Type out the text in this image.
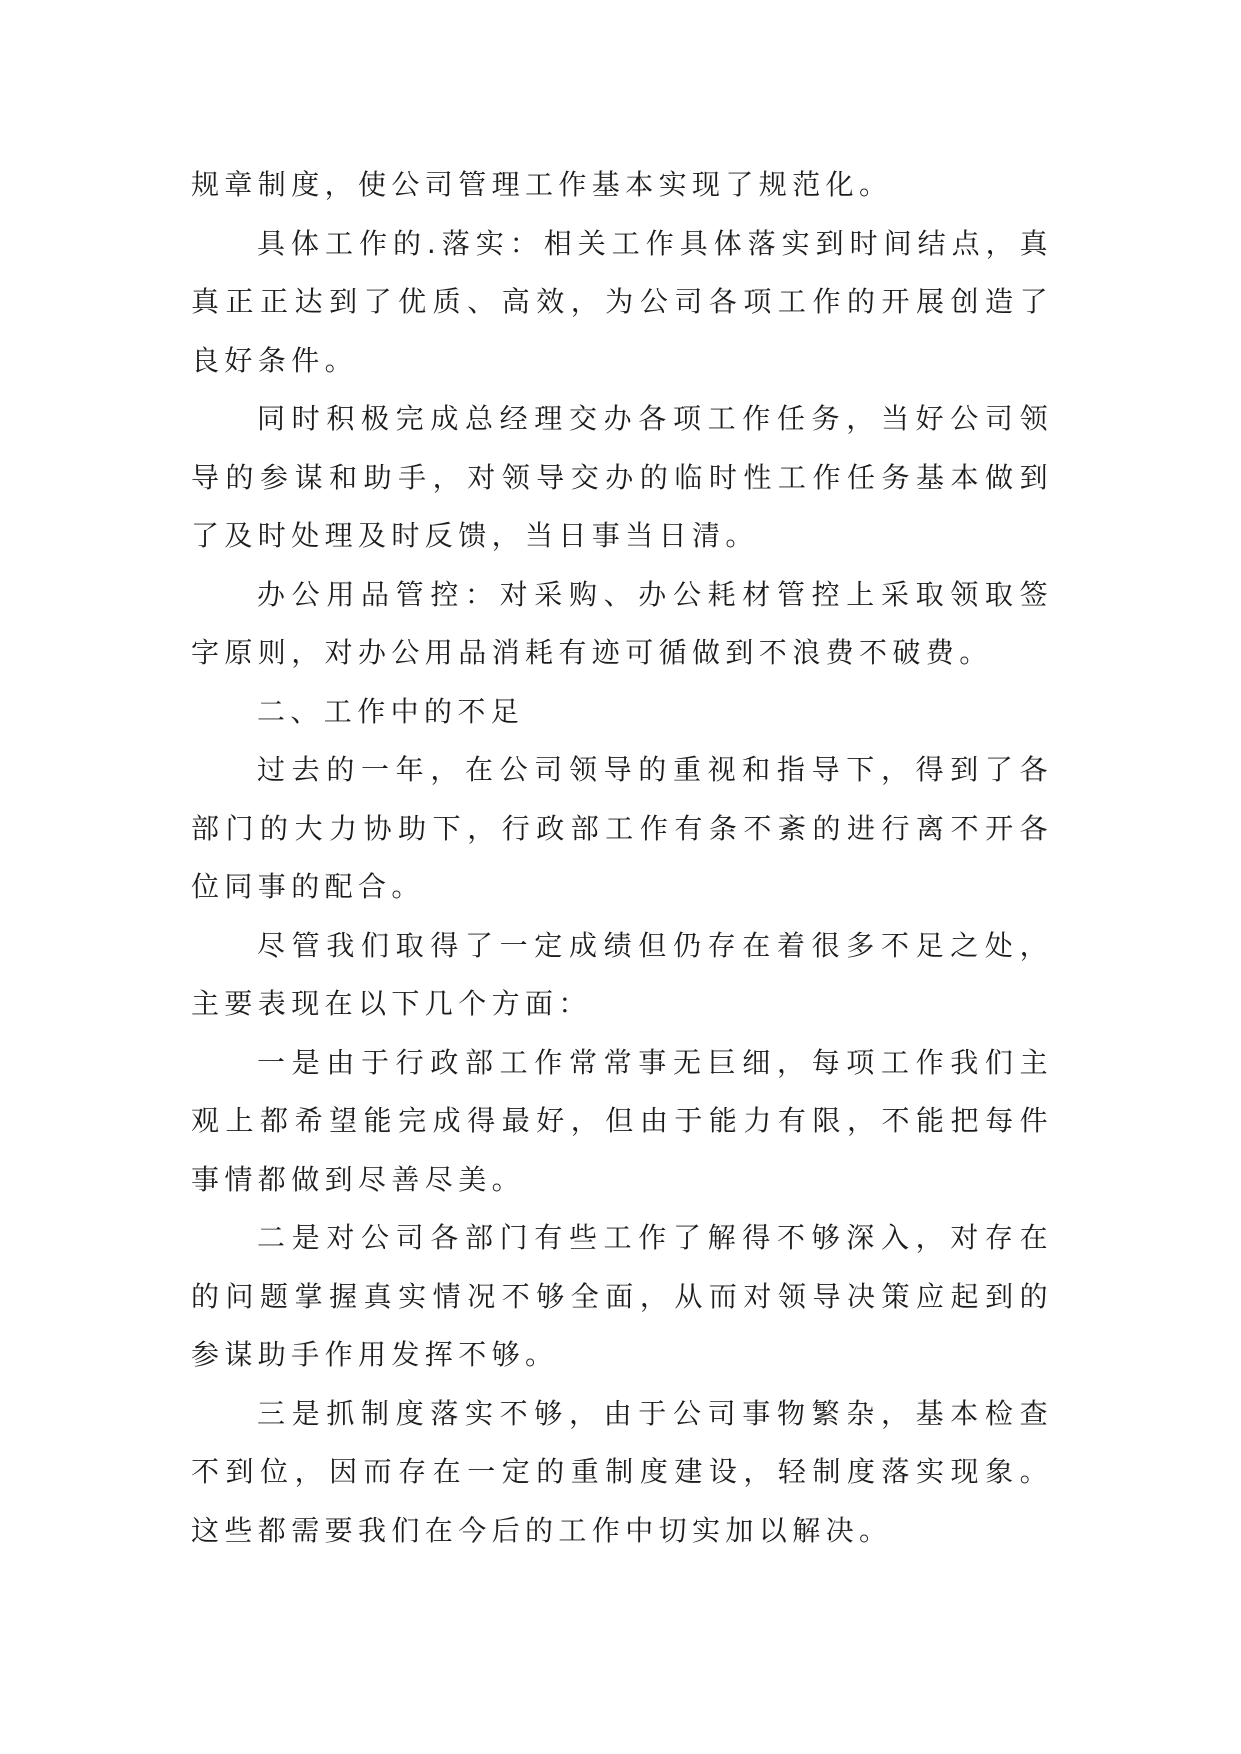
规章制度，使公司管理工作基本实现了规范化。

具体工作的.落实：相关工作具体落实到时间结点，真真正正达到了优质、高效，为公司各项工作的开展创造了良好条件。

同时积极完成总经理交办各项工作任务，当好公司领导的参谋和助手，对领导交办的临时性工作任务基本做到了及时处理及时反馈，当日事当日清。

办公用品管控：对采购、办公耗材管控上采取领取签字原则，对办公用品消耗有迹可循做到不浪费不破费。

二、工作中的不足

过去的一年，在公司领导的重视和指导下，得到了各部门的大力协助下，行政部工作有条不紊的进行离不开各位同事的配合。

尽管我们取得了一定成绩但仍存在着很多不足之处，主要表现在以下几个方面：

一是由于行政部工作常常事无巨细，每项工作我们主观上都希望能完成得最好，但由于能力有限，不能把每件事情都做到尽善尽美。

二是对公司各部门有些工作了解得不够深入，对存在的问题掌握真实情况不够全面，从而对领导决策应起到的参谋助手作用发挥不够。

三是抓制度落实不够，由于公司事物繁杂，基本检查不到位，因而存在一定的重制度建设，轻制度落实现象。这些都需要我们在今后的工作中切实加以解决。
